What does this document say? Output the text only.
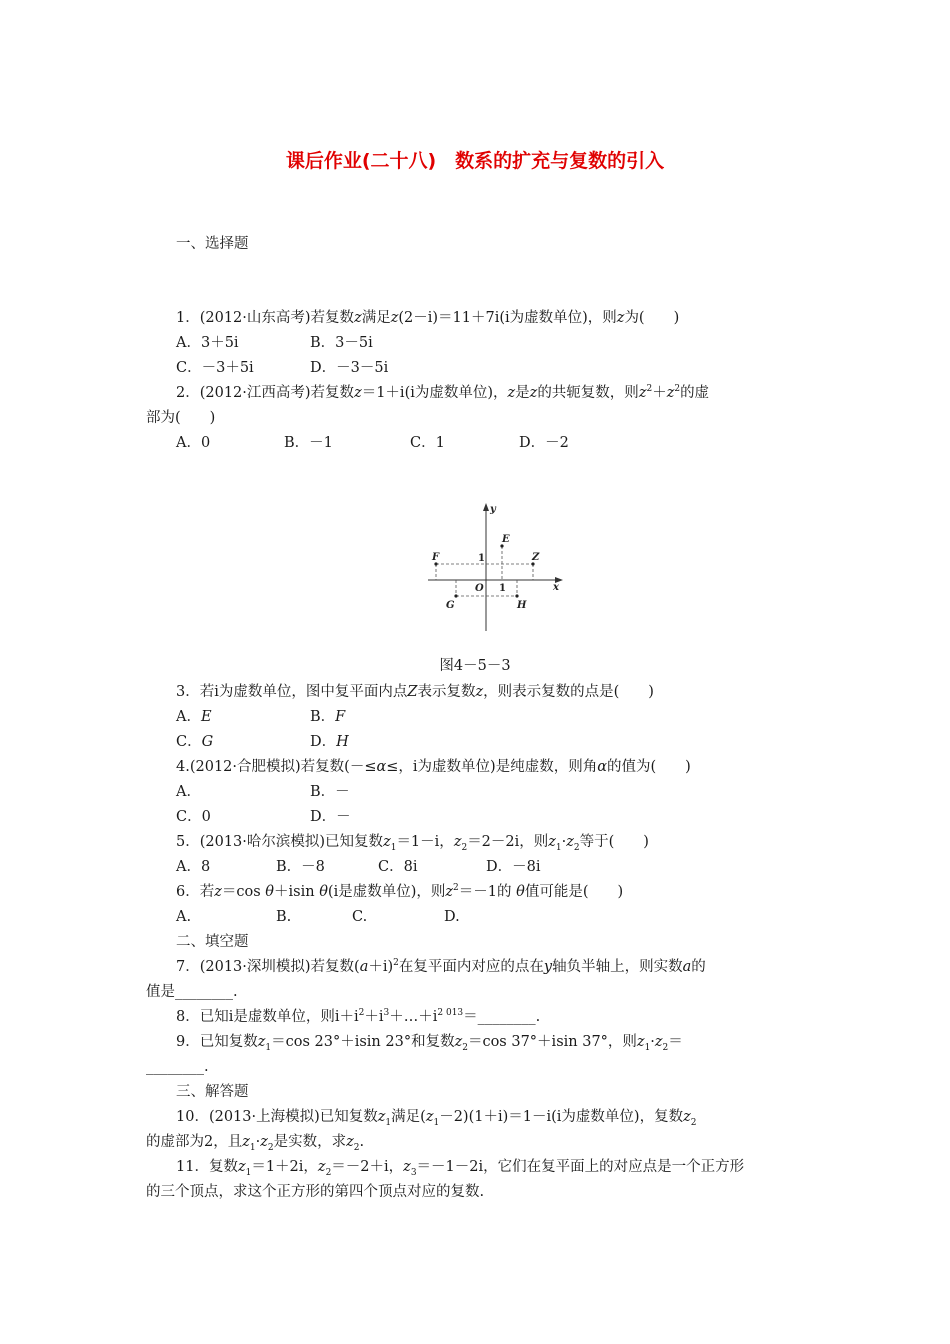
课后作业(二十八)　数系的扩充与复数的引入
一、选择题
1．(2012·山东高考)若复数z满足z(2－i)＝11＋7i(i为虚数单位)，则z为(　　)
A．3＋5i	B．3－5i
C．－3＋5i	D．－3－5i
2．(2012·江西高考)若复数z＝1＋i(i为虚数单位)，z是z的共轭复数，则$z^2+z^2$的虚
部为(　　)
A．0	B．－1	C．1	D．－2
y
x
O
E
Z
F
G	H
1
1
图4－5－3
3．若i为虚数单位，图中复平面内点Z表示复数z，则表示复数的点是(　　)
A．E	B．F
C．G	D．H
4.(2012·合肥模拟)若复数(－≤α≤，i为虚数单位)是纯虚数，则角α的值为(　　)
A．	B．－
C．0	D．－
5．(2013·哈尔滨模拟)已知复数$z_1=1-i$，$z_2=2-2i$，则$z_1\cdot z_2$等于(　　)
A．8	B．－8	C．8i	D．－8i
6．若z＝cos θ＋isin θ(i是虚数单位)，则$z^2=-1$的 θ值可能是(　　)
A.	B.	C.	D.
二、填空题
7．(2013·深圳模拟)若复数$(a+i)^2$在复平面内对应的点在y轴负半轴上，则实数a的
值是________.
8．已知i是虚数单位，则$i+i^2+i^3+\dots+i^{2 013}=\_\_\_\_\_\_\_\_$.
9．已知复数$z_1=\cos$ 23°＋isin 23°和复数$z_2=\cos$ 37°＋isin 37°，则$z_1\cdot z_2=$
________.
三、解答题
10．(2013·上海模拟)已知复数$z_1$满足$(z_1-2)(1+i)=1-i(i$为虚数单位)，复数$z_2$
的虚部为2，且$z_1\cdot z_2$是实数，求$z_2$.
11．复数$z_1=1+2i$，$z_2=-2+i$，$z_3=-1-2i$，它们在复平面上的对应点是一个正方形
的三个顶点，求这个正方形的第四个顶点对应的复数.
